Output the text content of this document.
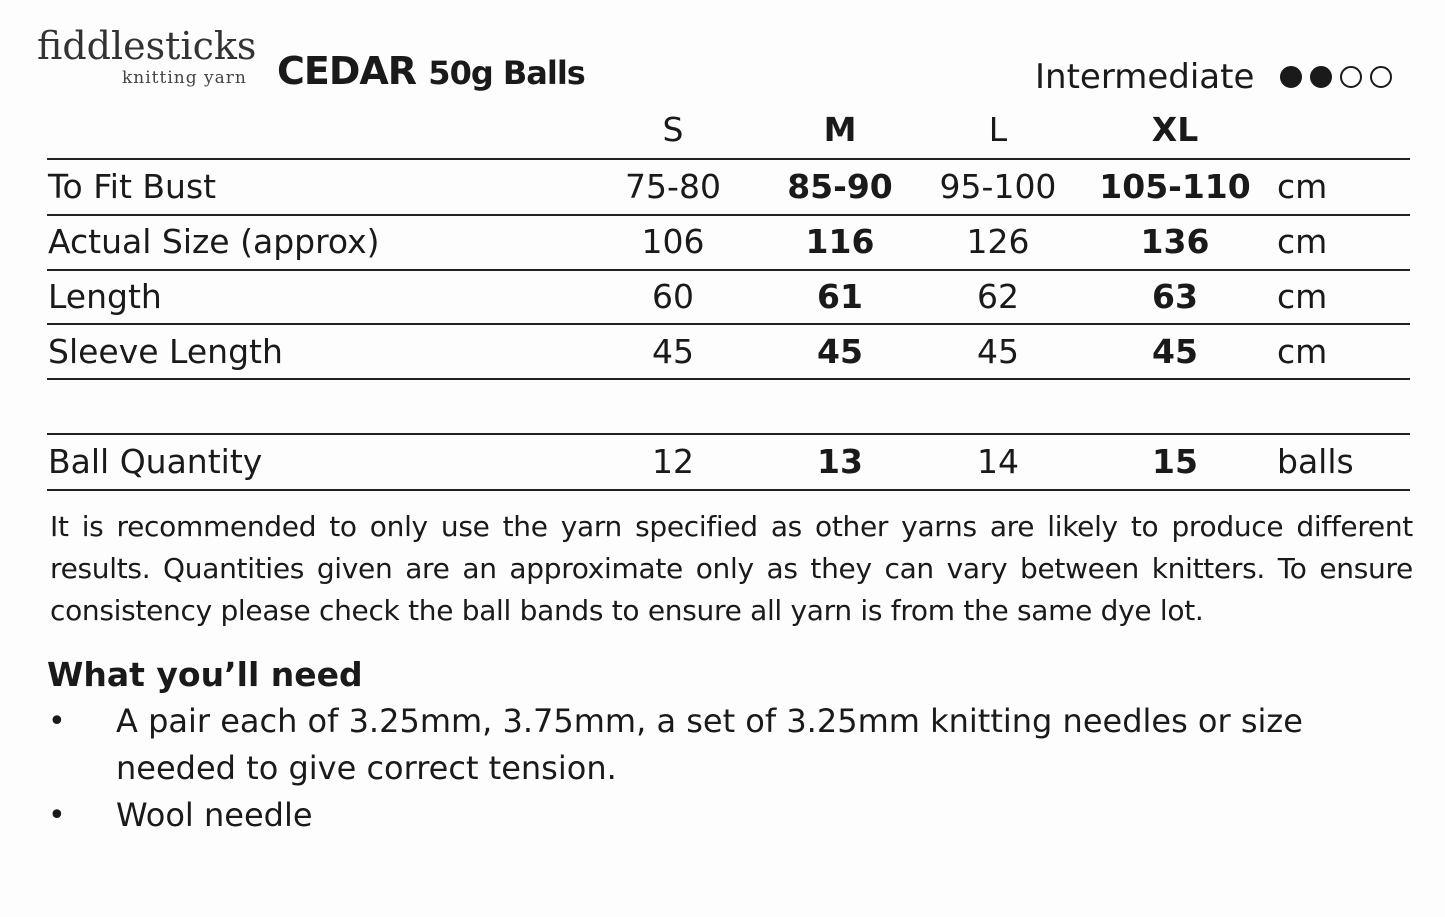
fiddlesticks
knitting yarn CEDAR 50g Balls	Intermediate
S	M	L	XL
To Fit Bust	75-80	85-90	95-100	105-110 cm
Actual Size (approx)	106	116	126	136	cm
Length	60	61	62	63	cm
Sleeve Length	45	45	45	45	cm
Ball Quantity	12	13	14	15	balls
It is recommended to only use the yarn specified as other yarns are likely to produce different results. Quantities given are an approximate only as they can vary between knitters. To ensure consistency please check the ball bands to ensure all yarn is from the same dye lot.
What you’ll need
• A pair each of 3.25mm, 3.75mm, a set of 3.25mm knitting needles or size needed to give correct tension.
• Wool needle
